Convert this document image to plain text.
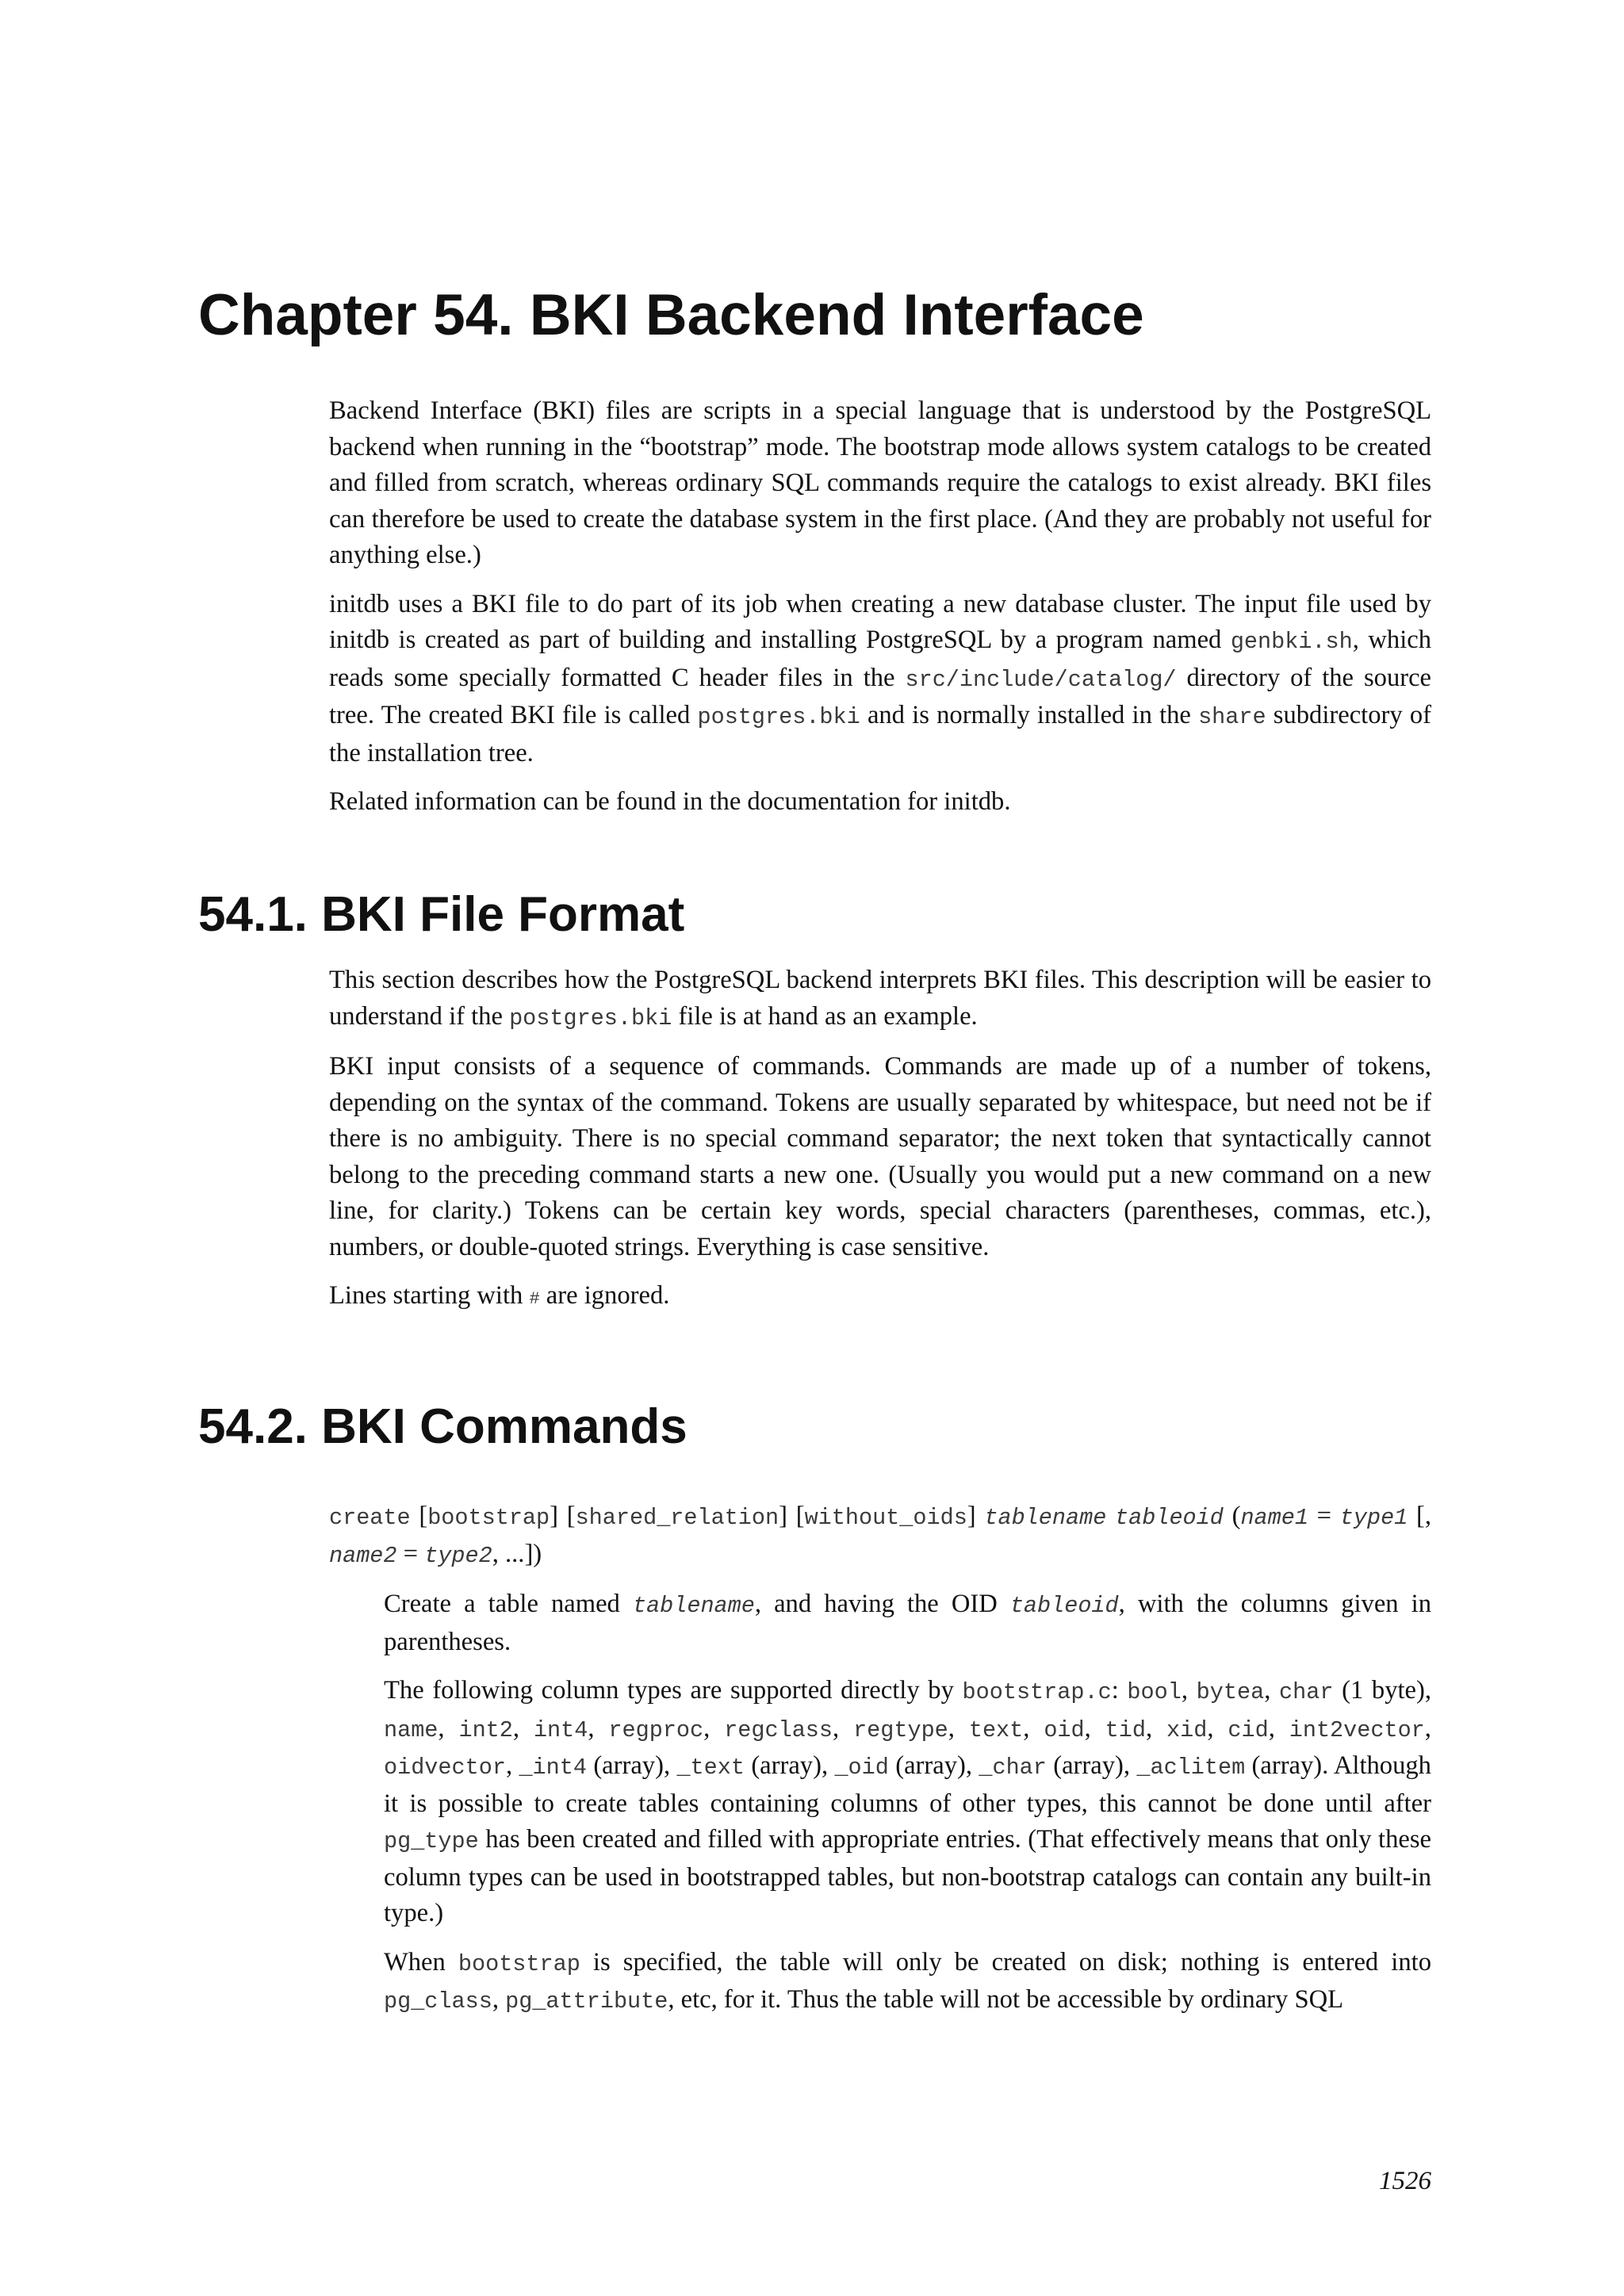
Chapter 54. BKI Backend Interface

Backend Interface (BKI) files are scripts in a special language that is understood by the PostgreSQL backend when running in the “bootstrap” mode. The bootstrap mode allows system catalogs to be created and filled from scratch, whereas ordinary SQL commands require the catalogs to exist already. BKI files can therefore be used to create the database system in the first place. (And they are probably not useful for anything else.)

initdb uses a BKI file to do part of its job when creating a new database cluster. The input file used by initdb is created as part of building and installing PostgreSQL by a program named genbki.sh, which reads some specially formatted C header files in the src/include/catalog/ directory of the source tree. The created BKI file is called postgres.bki and is normally installed in the share subdirectory of the installation tree.

Related information can be found in the documentation for initdb.

54.1. BKI File Format

This section describes how the PostgreSQL backend interprets BKI files. This description will be easier to understand if the postgres.bki file is at hand as an example.

BKI input consists of a sequence of commands. Commands are made up of a number of tokens, depending on the syntax of the command. Tokens are usually separated by whitespace, but need not be if there is no ambiguity. There is no special command separator; the next token that syntactically cannot belong to the preceding command starts a new one. (Usually you would put a new command on a new line, for clarity.) Tokens can be certain key words, special characters (parentheses, commas, etc.), numbers, or double-quoted strings. Everything is case sensitive.

Lines starting with # are ignored.

54.2. BKI Commands

create [bootstrap] [shared_relation] [without_oids] tablename tableoid (name1 = type1 [, name2 = type2, ...])

Create a table named tablename, and having the OID tableoid, with the columns given in parentheses.

The following column types are supported directly by bootstrap.c: bool, bytea, char (1 byte), name, int2, int4, regproc, regclass, regtype, text, oid, tid, xid, cid, int2vector, oidvector, _int4 (array), _text (array), _oid (array), _char (array), _aclitem (array). Although it is possible to create tables containing columns of other types, this cannot be done until after pg_type has been created and filled with appropriate entries. (That effectively means that only these column types can be used in bootstrapped tables, but non-bootstrap catalogs can contain any built-in type.)

When bootstrap is specified, the table will only be created on disk; nothing is entered into pg_class, pg_attribute, etc, for it. Thus the table will not be accessible by ordinary SQL

1526
